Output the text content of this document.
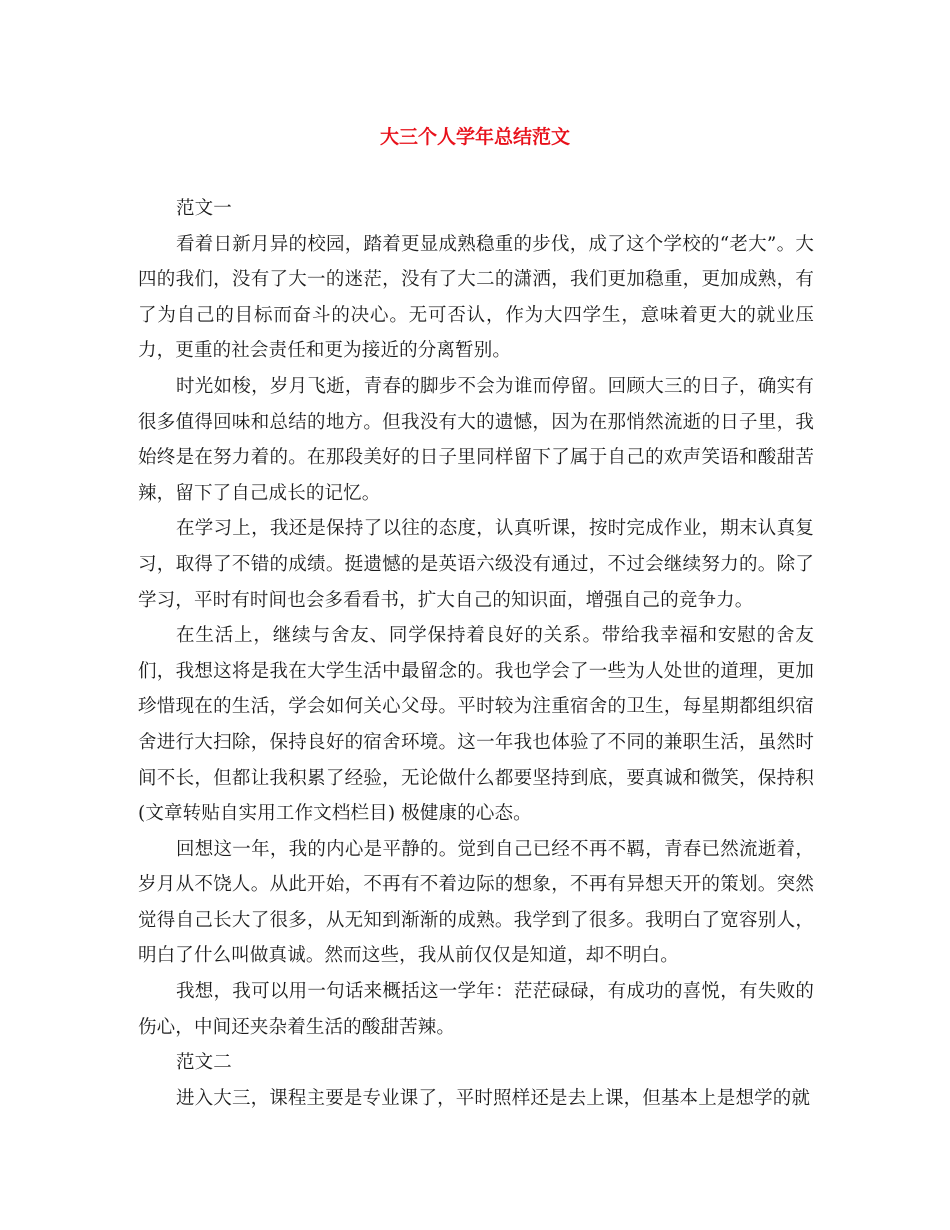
大三个人学年总结范文

范文一

看着日新月异的校园，踏着更显成熟稳重的步伐，成了这个学校的“老大”。大四的我们，没有了大一的迷茫，没有了大二的潇洒，我们更加稳重，更加成熟，有了为自己的目标而奋斗的决心。无可否认，作为大四学生，意味着更大的就业压力，更重的社会责任和更为接近的分离暂别。

时光如梭，岁月飞逝，青春的脚步不会为谁而停留。回顾大三的日子，确实有很多值得回味和总结的地方。但我没有大的遗憾，因为在那悄然流逝的日子里，我始终是在努力着的。在那段美好的日子里同样留下了属于自己的欢声笑语和酸甜苦辣，留下了自己成长的记忆。

在学习上，我还是保持了以往的态度，认真听课，按时完成作业，期末认真复习，取得了不错的成绩。挺遗憾的是英语六级没有通过，不过会继续努力的。除了学习，平时有时间也会多看看书，扩大自己的知识面，增强自己的竞争力。

在生活上，继续与舍友、同学保持着良好的关系。带给我幸福和安慰的舍友们，我想这将是我在大学生活中最留念的。我也学会了一些为人处世的道理，更加珍惜现在的生活，学会如何关心父母。平时较为注重宿舍的卫生，每星期都组织宿舍进行大扫除，保持良好的宿舍环境。这一年我也体验了不同的兼职生活，虽然时间不长，但都让我积累了经验，无论做什么都要坚持到底，要真诚和微笑，保持积(文章转贴自实用工作文档栏目) 极健康的心态。

回想这一年，我的内心是平静的。觉到自己已经不再不羁，青春已然流逝着，岁月从不饶人。从此开始，不再有不着边际的想象，不再有异想天开的策划。突然觉得自己长大了很多，从无知到渐渐的成熟。我学到了很多。我明白了宽容别人，明白了什么叫做真诚。然而这些，我从前仅仅是知道，却不明白。

我想，我可以用一句话来概括这一学年：茫茫碌碌，有成功的喜悦，有失败的伤心，中间还夹杂着生活的酸甜苦辣。

范文二

进入大三，课程主要是专业课了，平时照样还是去上课，但基本上是想学的就
